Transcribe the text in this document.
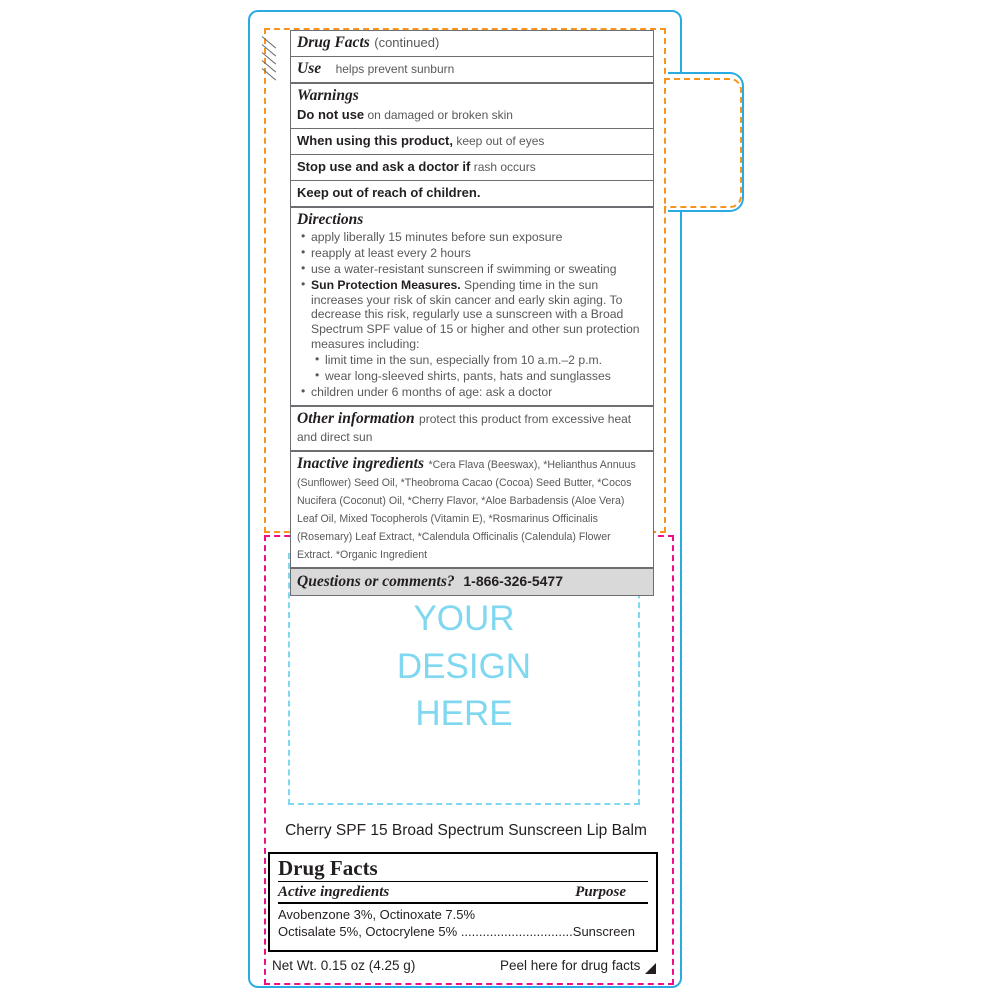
Drug Facts (continued)
Use helps prevent sunburn
Warnings
Do not use on damaged or broken skin
When using this product, keep out of eyes
Stop use and ask a doctor if rash occurs
Keep out of reach of children.
Directions
• apply liberally 15 minutes before sun exposure
• reapply at least every 2 hours
• use a water-resistant sunscreen if swimming or sweating
• Sun Protection Measures. Spending time in the sun increases your risk of skin cancer and early skin aging. To decrease this risk, regularly use a sunscreen with a Broad Spectrum SPF value of 15 or higher and other sun protection measures including:
• limit time in the sun, especially from 10 a.m.–2 p.m.
• wear long-sleeved shirts, pants, hats and sunglasses
• children under 6 months of age: ask a doctor
Other information protect this product from excessive heat and direct sun
Inactive ingredients *Cera Flava (Beeswax), *Helianthus Annuus (Sunflower) Seed Oil, *Theobroma Cacao (Cocoa) Seed Butter, *Cocos Nucifera (Coconut) Oil, *Cherry Flavor, *Aloe Barbadensis (Aloe Vera) Leaf Oil, Mixed Tocopherols (Vitamin E), *Rosmarinus Officinalis (Rosemary) Leaf Extract, *Calendula Officinalis (Calendula) Flower Extract. *Organic Ingredient
Questions or comments? 1-866-326-5477
YOUR
DESIGN
HERE
Cherry SPF 15 Broad Spectrum Sunscreen Lip Balm
Drug Facts
Active ingredients	Purpose
Avobenzone 3%, Octinoxate 7.5%
Octisalate 5%, Octocrylene 5% ...............................Sunscreen
Net Wt. 0.15 oz (4.25 g)	Peel here for drug facts
